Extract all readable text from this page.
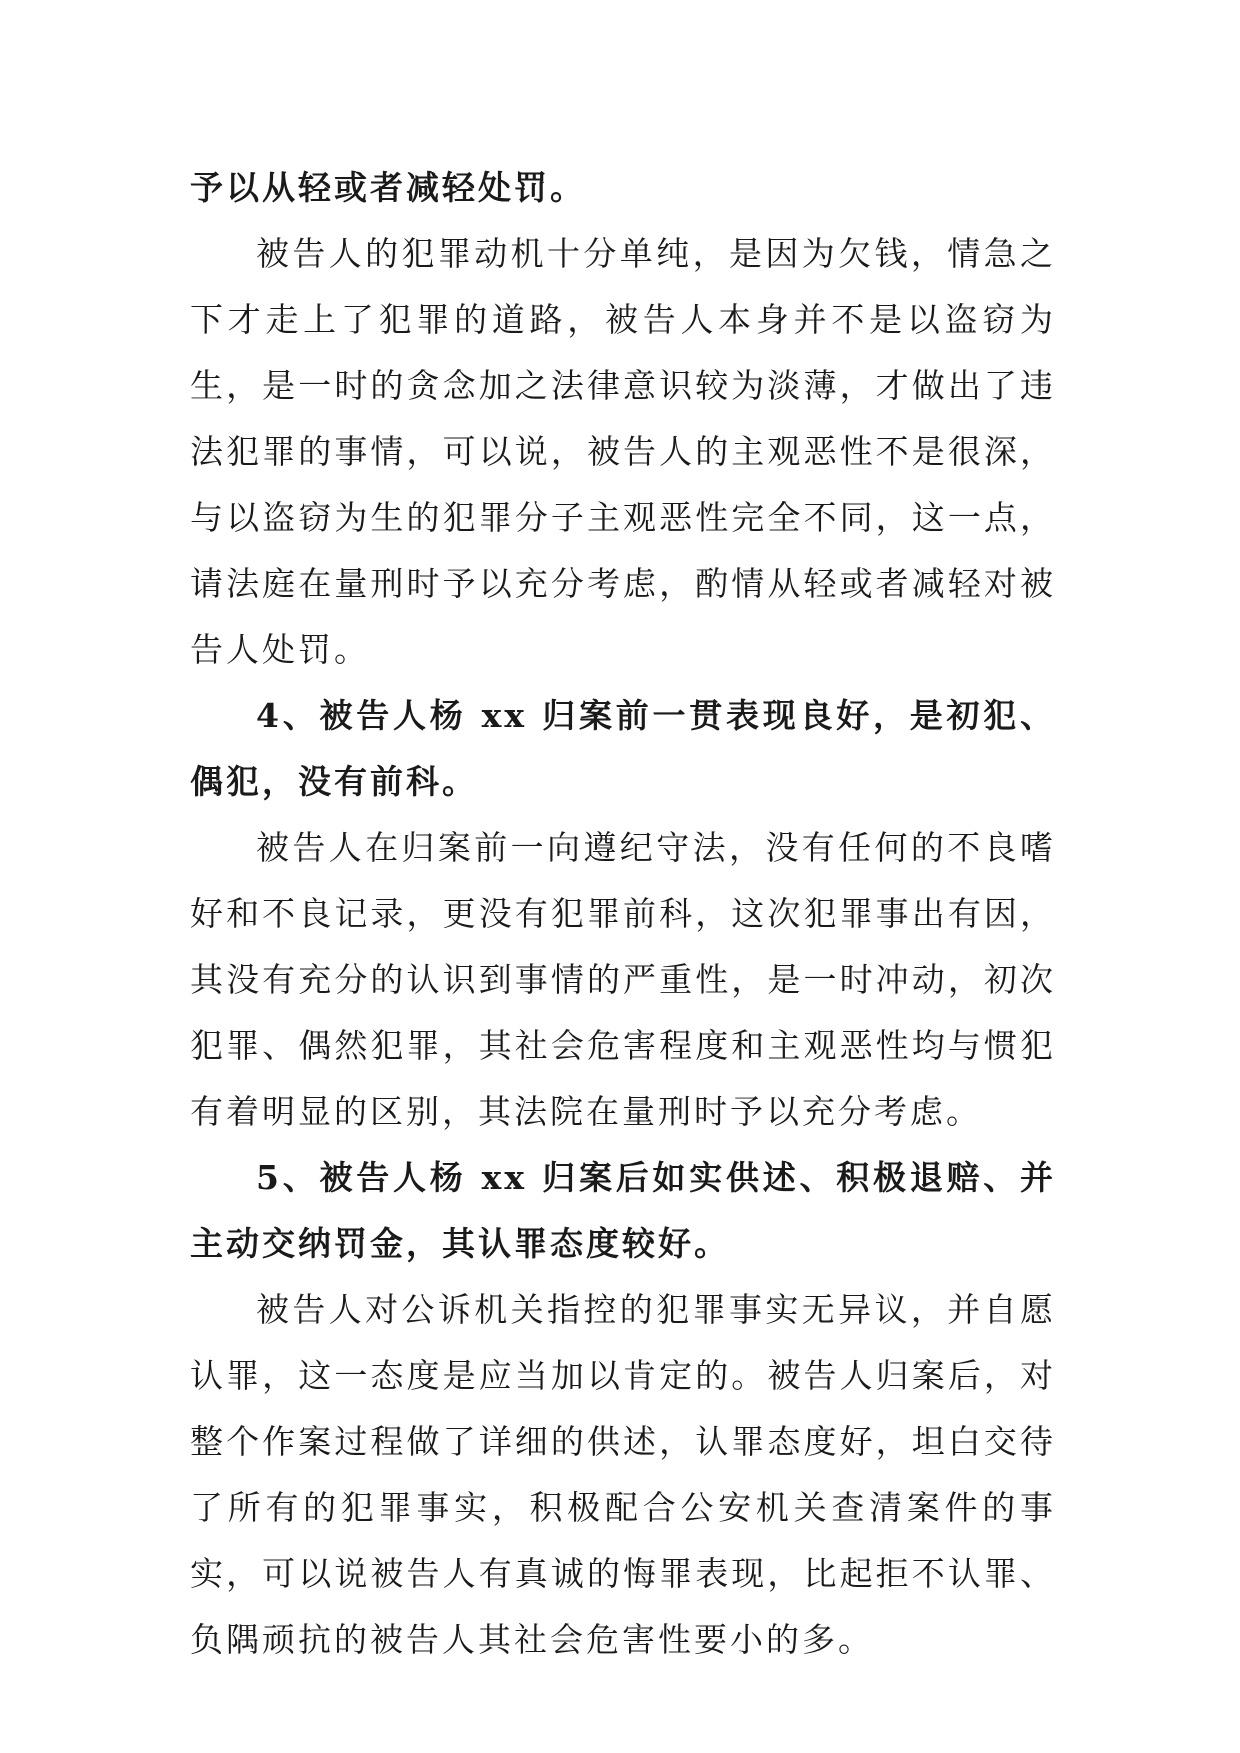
予以从轻或者减轻处罚。

被告人的犯罪动机十分单纯，是因为欠钱，情急之下才走上了犯罪的道路，被告人本身并不是以盗窃为生，是一时的贪念加之法律意识较为淡薄，才做出了违法犯罪的事情，可以说，被告人的主观恶性不是很深，与以盗窃为生的犯罪分子主观恶性完全不同，这一点，请法庭在量刑时予以充分考虑，酌情从轻或者减轻对被告人处罚。

4、被告人杨 xx 归案前一贯表现良好，是初犯、偶犯，没有前科。

被告人在归案前一向遵纪守法，没有任何的不良嗜好和不良记录，更没有犯罪前科，这次犯罪事出有因，其没有充分的认识到事情的严重性，是一时冲动，初次犯罪、偶然犯罪，其社会危害程度和主观恶性均与惯犯有着明显的区别，其法院在量刑时予以充分考虑。

5、被告人杨 xx 归案后如实供述、积极退赔、并主动交纳罚金，其认罪态度较好。

被告人对公诉机关指控的犯罪事实无异议，并自愿认罪，这一态度是应当加以肯定的。被告人归案后，对整个作案过程做了详细的供述，认罪态度好，坦白交待了所有的犯罪事实，积极配合公安机关查清案件的事实，可以说被告人有真诚的悔罪表现，比起拒不认罪、负隅顽抗的被告人其社会危害性要小的多。
